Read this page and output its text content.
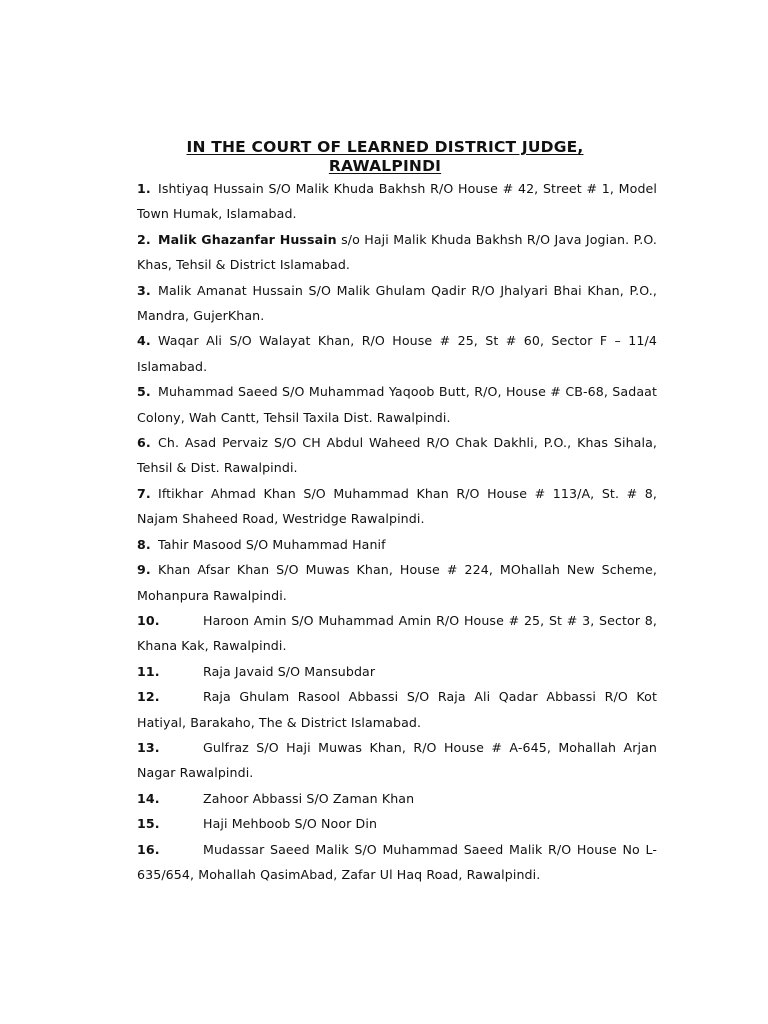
IN THE COURT OF LEARNED DISTRICT JUDGE,
RAWALPINDI
1. Ishtiyaq Hussain S/O Malik Khuda Bakhsh R/O House # 42, Street # 1, Model Town Humak, Islamabad.
2. Malik Ghazanfar Hussain s/o Haji Malik Khuda Bakhsh R/O Java Jogian. P.O. Khas, Tehsil & District Islamabad.
3. Malik Amanat Hussain S/O Malik Ghulam Qadir R/O Jhalyari Bhai Khan, P.O., Mandra, GujerKhan.
4. Waqar Ali S/O Walayat Khan, R/O House # 25, St # 60, Sector F – 11/4 Islamabad.
5. Muhammad Saeed S/O Muhammad Yaqoob Butt, R/O, House # CB-68, Sadaat Colony, Wah Cantt, Tehsil Taxila Dist. Rawalpindi.
6. Ch. Asad Pervaiz S/O CH Abdul Waheed R/O Chak Dakhli, P.O., Khas Sihala, Tehsil & Dist. Rawalpindi.
7. Iftikhar Ahmad Khan S/O Muhammad Khan R/O House # 113/A, St. # 8, Najam Shaheed Road, Westridge Rawalpindi.
8. Tahir Masood S/O Muhammad Hanif
9. Khan Afsar Khan S/O Muwas Khan, House # 224, MOhallah New Scheme, Mohanpura Rawalpindi.
10.	Haroon Amin S/O Muhammad Amin R/O House # 25, St # 3, Sector 8, Khana Kak, Rawalpindi.
11.	Raja Javaid S/O Mansubdar
12.	Raja Ghulam Rasool Abbassi S/O Raja Ali Qadar Abbassi R/O Kot Hatiyal, Barakaho, The & District Islamabad.
13.	Gulfraz S/O Haji Muwas Khan, R/O House # A-645, Mohallah Arjan Nagar Rawalpindi.
14.	Zahoor Abbassi S/O Zaman Khan
15.	Haji Mehboob S/O Noor Din
16.	Mudassar Saeed Malik S/O Muhammad Saeed Malik R/O House No L- 635/654, Mohallah QasimAbad, Zafar Ul Haq Road, Rawalpindi.
